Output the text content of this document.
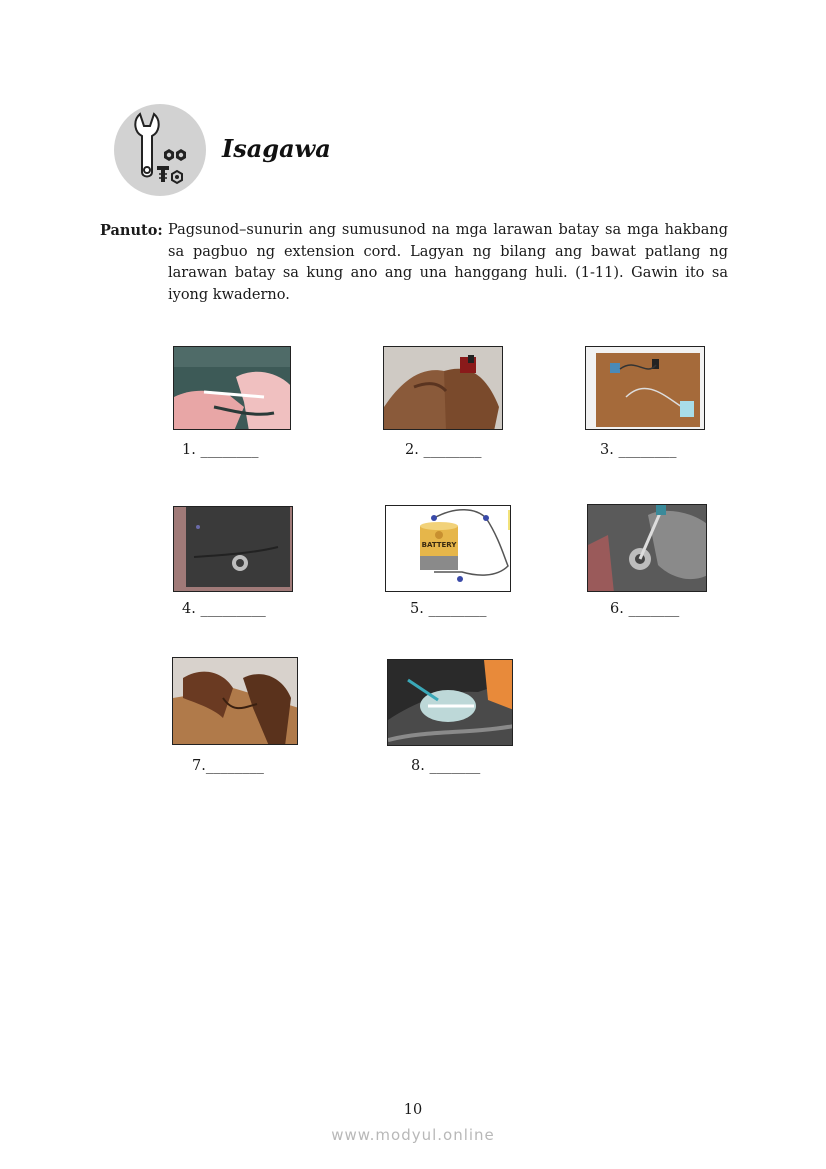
Isagawa
Panuto: Pagsunod–sunurin ang sumusunod na mga larawan batay sa mga hakbang sa pagbuo ng extension cord. Lagyan ng bilang ang bawat patlang ng larawan batay sa kung ano ang una hanggang huli. (1-11). Gawin ito sa iyong kwaderno.
1. ________	2. ________	3. ________
4. _________
BATTERY
5. ________	6. _______
7.________	8. _______
10
www.modyul.online
